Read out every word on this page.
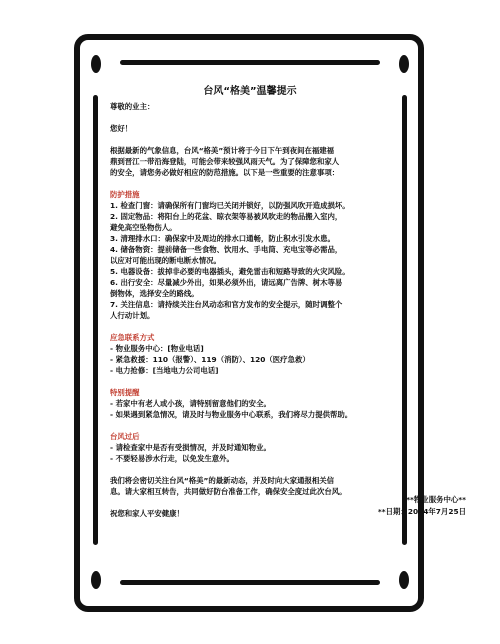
台风“格美”温馨提示

尊敬的业主：

您好！

根据最新的气象信息，台风“格美”预计将于今日下午到夜间在福建福

鼎到晋江一带沿海登陆，可能会带来较强风雨天气。为了保障您和家人

的安全，请您务必做好相应的防范措施。以下是一些重要的注意事项：

防护措施

1. 检查门窗：请确保所有门窗均已关闭并锁好，以防强风吹开造成损坏。

2. 固定物品：将阳台上的花盆、晾衣架等易被风吹走的物品搬入室内，

避免高空坠物伤人。

3. 清理排水口：确保家中及周边的排水口通畅，防止积水引发水患。

4. 储备物资：提前储备一些食物、饮用水、手电筒、充电宝等必需品，

以应对可能出现的断电断水情况。

5. 电器设备：拔掉非必要的电器插头，避免雷击和短路导致的火灾风险。

6. 出行安全：尽量减少外出，如果必须外出，请远离广告牌、树木等易

倒物体，选择安全的路线。

7. 关注信息：请持续关注台风动态和官方发布的安全提示，随时调整个

人行动计划。

应急联系方式

- 物业服务中心：[物业电话]

- 紧急救援：110（报警）、119（消防）、120（医疗急救）

- 电力抢修：[当地电力公司电话]

特别提醒

- 若家中有老人或小孩，请特别留意他们的安全。

- 如果遇到紧急情况，请及时与物业服务中心联系，我们将尽力提供帮助。

台风过后

- 请检查家中是否有受损情况，并及时通知物业。

- 不要轻易涉水行走，以免发生意外。

我们将会密切关注台风“格美”的最新动态，并及时向大家通报相关信

息。请大家相互转告，共同做好防台准备工作，确保安全度过此次台风。

祝您和家人平安健康！

**物业服务中心**
**日期：2024年7月25日
